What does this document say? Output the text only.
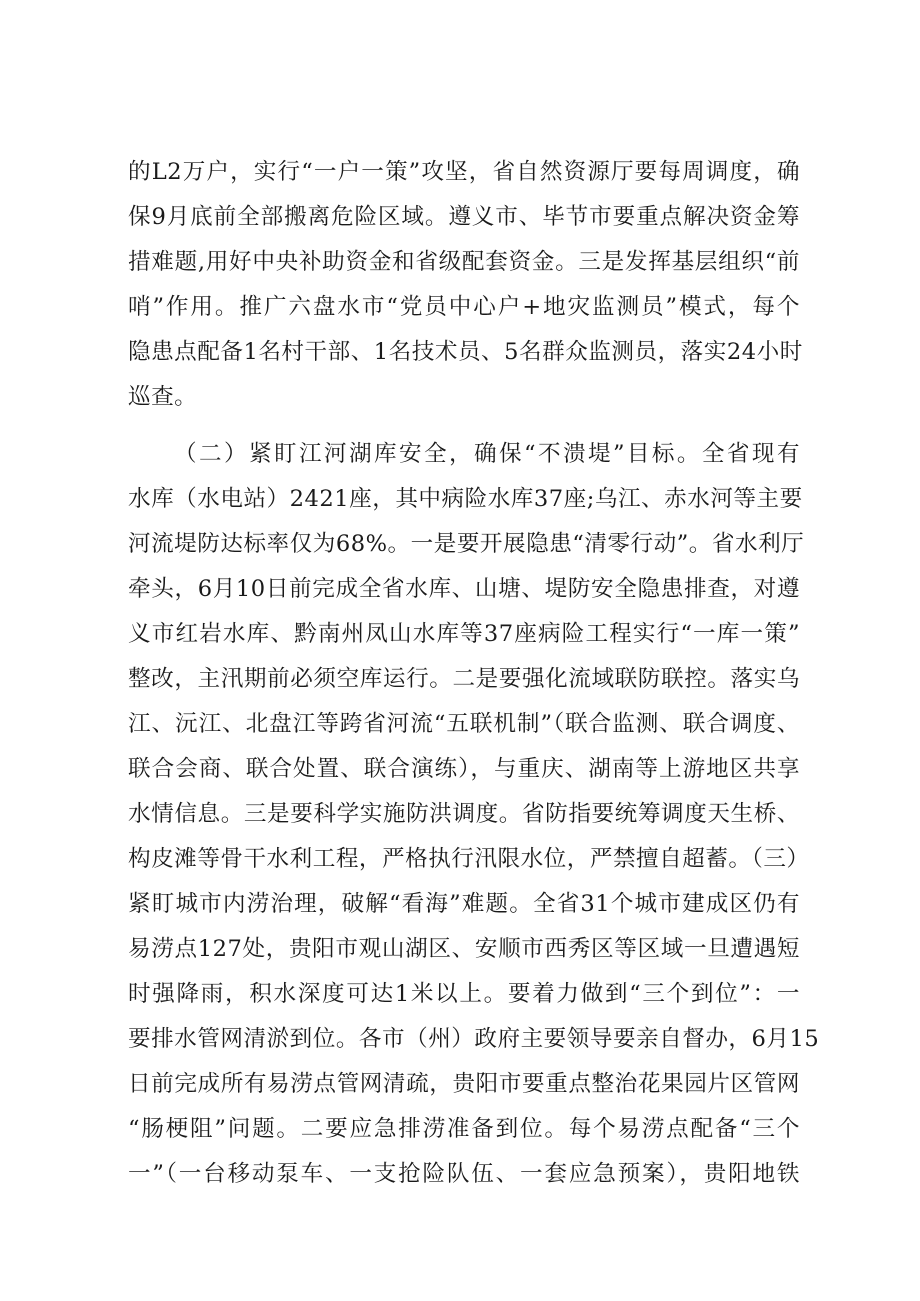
的L2万户，实行“一户一策”攻坚，省自然资源厅要每周调度，确
保9月底前全部搬离危险区域。遵义市、毕节市要重点解决资金筹
措难题,用好中央补助资金和省级配套资金。三是发挥基层组织“前
哨”作用。推广六盘水市“党员中心户+地灾监测员”模式，每个
隐患点配备1名村干部、1名技术员、5名群众监测员，落实24小时
巡查。
（二）紧盯江河湖库安全，确保“不溃堤”目标。全省现有
水库（水电站）2421座，其中病险水库37座;乌江、赤水河等主要
河流堤防达标率仅为68%。一是要开展隐患“清零行动”。省水利厅
牵头，6月10日前完成全省水库、山塘、堤防安全隐患排查，对遵
义市红岩水库、黔南州凤山水库等37座病险工程实行“一库一策”
整改，主汛期前必须空库运行。二是要强化流域联防联控。落实乌
江、沅江、北盘江等跨省河流“五联机制”（联合监测、联合调度、
联合会商、联合处置、联合演练），与重庆、湖南等上游地区共享
水情信息。三是要科学实施防洪调度。省防指要统筹调度天生桥、
构皮滩等骨干水利工程，严格执行汛限水位，严禁擅自超蓄。（三）
紧盯城市内涝治理，破解“看海”难题。全省31个城市建成区仍有
易涝点127处，贵阳市观山湖区、安顺市西秀区等区域一旦遭遇短
时强降雨，积水深度可达1米以上。要着力做到“三个到位”：一
要排水管网清淤到位。各市（州）政府主要领导要亲自督办，6月15
日前完成所有易涝点管网清疏，贵阳市要重点整治花果园片区管网
“肠梗阻”问题。二要应急排涝准备到位。每个易涝点配备“三个
一”（一台移动泵车、一支抢险队伍、一套应急预案），贵阳地铁
